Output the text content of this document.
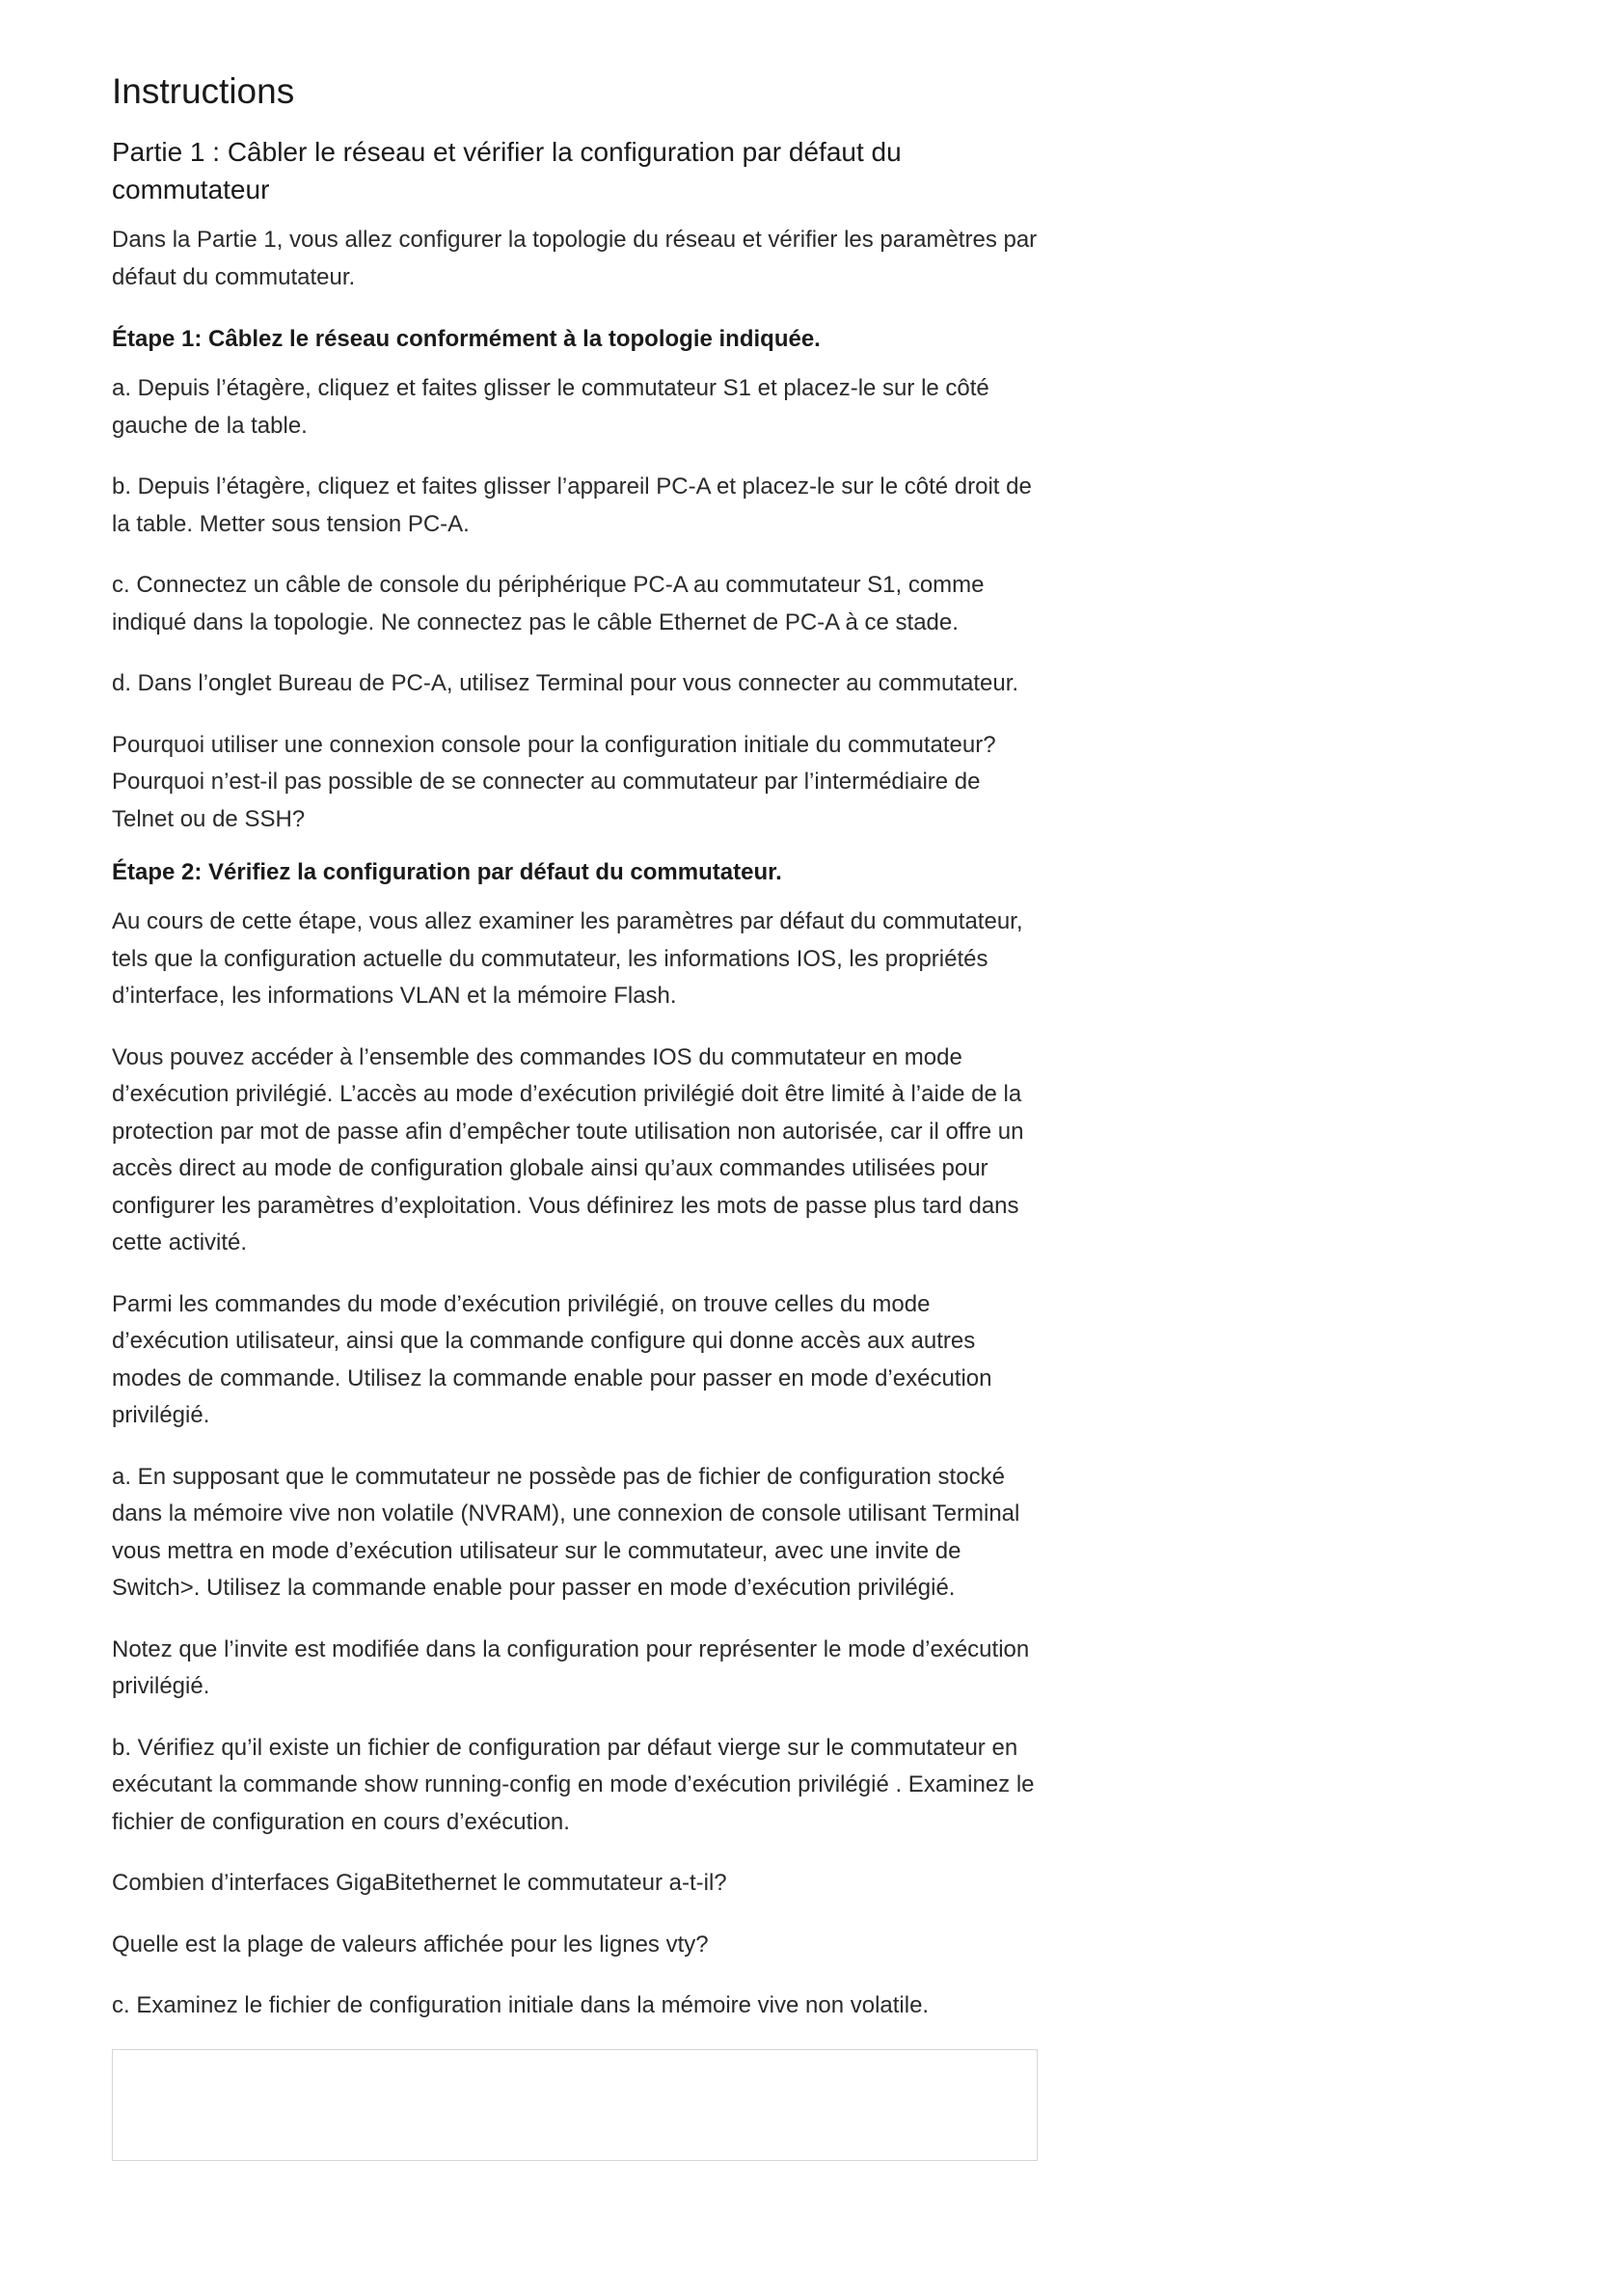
Instructions
Partie 1 : Câbler le réseau et vérifier la configuration par défaut du commutateur

Dans la Partie 1, vous allez configurer la topologie du réseau et vérifier les paramètres par défaut du commutateur.

Étape 1: Câblez le réseau conformément à la topologie indiquée.

a. Depuis l’étagère, cliquez et faites glisser le commutateur S1 et placez-le sur le côté gauche de la table.

b. Depuis l’étagère, cliquez et faites glisser l’appareil PC-A et placez-le sur le côté droit de la table. Metter sous tension PC-A.

c. Connectez un câble de console du périphérique PC-A au commutateur S1, comme indiqué dans la topologie. Ne connectez pas le câble Ethernet de PC-A à ce stade.

d. Dans l’onglet Bureau de PC-A, utilisez Terminal pour vous connecter au commutateur.

Pourquoi utiliser une connexion console pour la configuration initiale du commutateur? Pourquoi n’est-il pas possible de se connecter au commutateur par l’intermédiaire de Telnet ou de SSH?

Étape 2: Vérifiez la configuration par défaut du commutateur.

Au cours de cette étape, vous allez examiner les paramètres par défaut du commutateur, tels que la configuration actuelle du commutateur, les informations IOS, les propriétés d’interface, les informations VLAN et la mémoire Flash.

Vous pouvez accéder à l’ensemble des commandes IOS du commutateur en mode d’exécution privilégié. L’accès au mode d’exécution privilégié doit être limité à l’aide de la protection par mot de passe afin d’empêcher toute utilisation non autorisée, car il offre un accès direct au mode de configuration globale ainsi qu’aux commandes utilisées pour configurer les paramètres d’exploitation. Vous définirez les mots de passe plus tard dans cette activité.

Parmi les commandes du mode d’exécution privilégié, on trouve celles du mode d’exécution utilisateur, ainsi que la commande configure qui donne accès aux autres modes de commande. Utilisez la commande enable pour passer en mode d’exécution privilégié.

a. En supposant que le commutateur ne possède pas de fichier de configuration stocké dans la mémoire vive non volatile (NVRAM), une connexion de console utilisant Terminal vous mettra en mode d’exécution utilisateur sur le commutateur, avec une invite de Switch>. Utilisez la commande enable pour passer en mode d’exécution privilégié.

Notez que l’invite est modifiée dans la configuration pour représenter le mode d’exécution privilégié.

b. Vérifiez qu’il existe un fichier de configuration par défaut vierge sur le commutateur en exécutant la commande show running-config en mode d’exécution privilégié . Examinez le fichier de configuration en cours d’exécution.

Combien d’interfaces GigaBitethernet le commutateur a-t-il?

Quelle est la plage de valeurs affichée pour les lignes vty?

c. Examinez le fichier de configuration initiale dans la mémoire vive non volatile.
